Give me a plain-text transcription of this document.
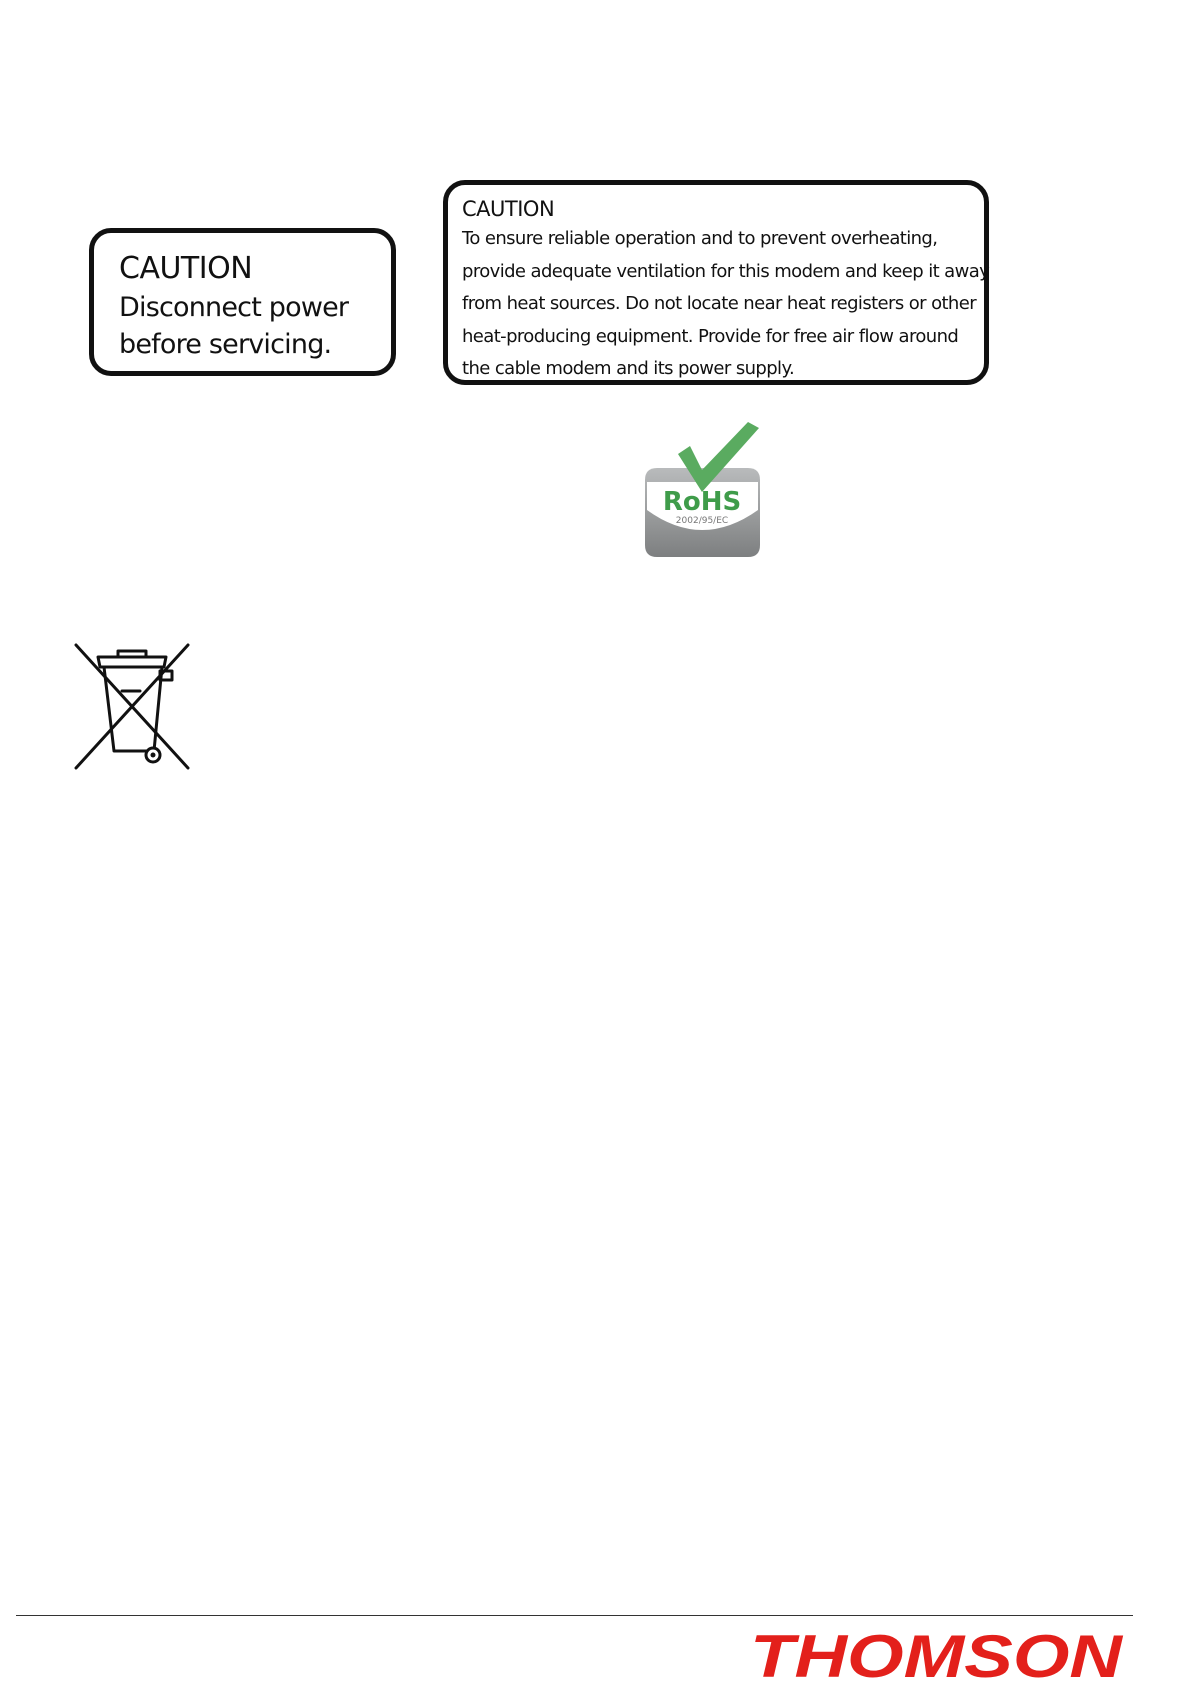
CAUTION
Disconnect power
before servicing.
CAUTION
To ensure reliable operation and to prevent overheating,
provide adequate ventilation for this modem and keep it away
from heat sources. Do not locate near heat registers or other
heat-producing equipment. Provide for free air flow around
the cable modem and its power supply.
RoHS
2002/95/EC
THOMSON
